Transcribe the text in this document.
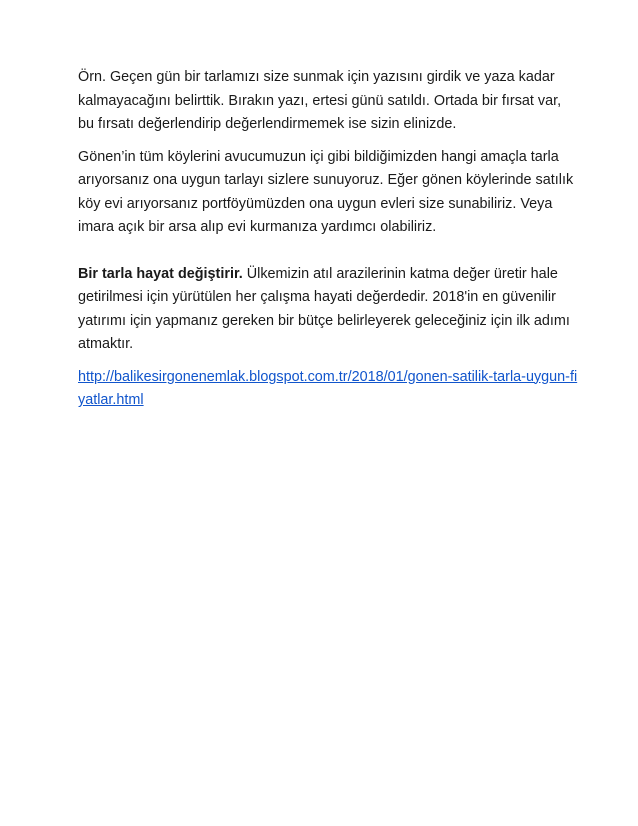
Örn. Geçen gün bir tarlamızı size sunmak için yazısını girdik ve yaza kadar kalmayacağını belirttik. Bırakın yazı, ertesi günü satıldı. Ortada bir fırsat var, bu fırsatı değerlendirip değerlendirmemek ise sizin elinizde.

Gönen’in tüm köylerini avucumuzun içi gibi bildiğimizden hangi amaçla tarla arıyorsanız ona uygun tarlayı sizlere sunuyoruz. Eğer gönen köylerinde satılık köy evi arıyorsanız portföyümüzden ona uygun evleri size sunabiliriz. Veya imara açık bir arsa alıp evi kurmanıza yardımcı olabiliriz.

Bir tarla hayat değiştirir. Ülkemizin atıl arazilerinin katma değer üretir hale getirilmesi için yürütülen her çalışma hayati değerdedir. 2018'in en güvenilir yatırımı için yapmanız gereken bir bütçe belirleyerek geleceğiniz için ilk adımı atmaktır.

http://balikesirgonenemlak.blogspot.com.tr/2018/01/gonen-satilik-tarla-uygun-fiyatlar.html
